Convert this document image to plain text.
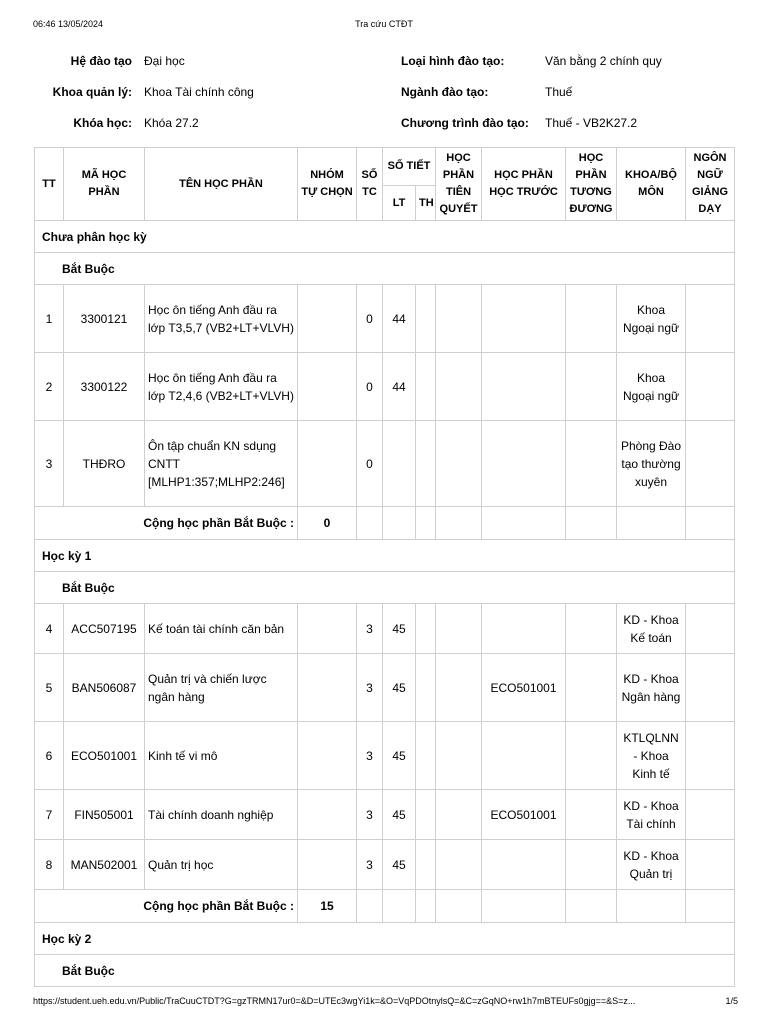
06:46 13/05/2024	Tra cứu CTĐT
Hệ đào tạo Đại học
Khoa quản lý: Khoa Tài chính công
Khóa học: Khóa 27.2
Loại hình đào tạo:	Văn bằng 2 chính quy
Ngành đào tạo:	Thuế
Chương trình đào tạo: Thuế - VB2K27.2
TT	MÃ HỌC PHẦN	TÊN HỌC PHẦN	NHÓM TỰ CHỌN	SỐ TC	SỐ TIẾT		HỌC PHẦN TIÊN QUYẾT	HỌC PHẦN HỌC TRƯỚC	HỌC PHẦN TƯƠNG ĐƯƠNG	KHOA/BỘ MÔN	NGÔN NGỮ GIẢNG DẠY
					LT	TH					
Chưa phân học kỳ											
Bắt Buộc											
1	3300121	Học ôn tiếng Anh đầu ra lớp T3,5,7 (VB2+LT+VLVH)		0	44					Khoa Ngoại ngữ	
2	3300122	Học ôn tiếng Anh đầu ra lớp T2,4,6 (VB2+LT+VLVH)		0	44					Khoa Ngoại ngữ	
3	THĐRO	Ôn tập chuẩn KN sdụng CNTT [MLHP1:357;MLHP2:246]		0						Phòng Đào tạo thường xuyên	
Cộng học phần Bắt Buộc :			0								
Học kỳ 1											
Bắt Buộc											
4	ACC507195	Kế toán tài chính căn bản		3	45					KD - Khoa Kế toán	
5	BAN506087	Quản trị và chiến lược ngân hàng		3	45			ECO501001		KD - Khoa Ngân hàng	
6	ECO501001	Kinh tế vi mô		3	45					KTLQLNN - Khoa Kinh tế	
7	FIN505001	Tài chính doanh nghiệp		3	45			ECO501001		KD - Khoa Tài chính	
8	MAN502001	Quản trị học		3	45					KD - Khoa Quản trị	
Cộng học phần Bắt Buộc :			15								
Học kỳ 2											
Bắt Buộc											
https://student.ueh.edu.vn/Public/TraCuuCTDT?G=gzTRMN17ur0=&D=UTEc3wgYi1k=&O=VqPDOtnylsQ=&C=zGqNO+rw1h7mBTEUFs0gjg==&S=z...	1/5
